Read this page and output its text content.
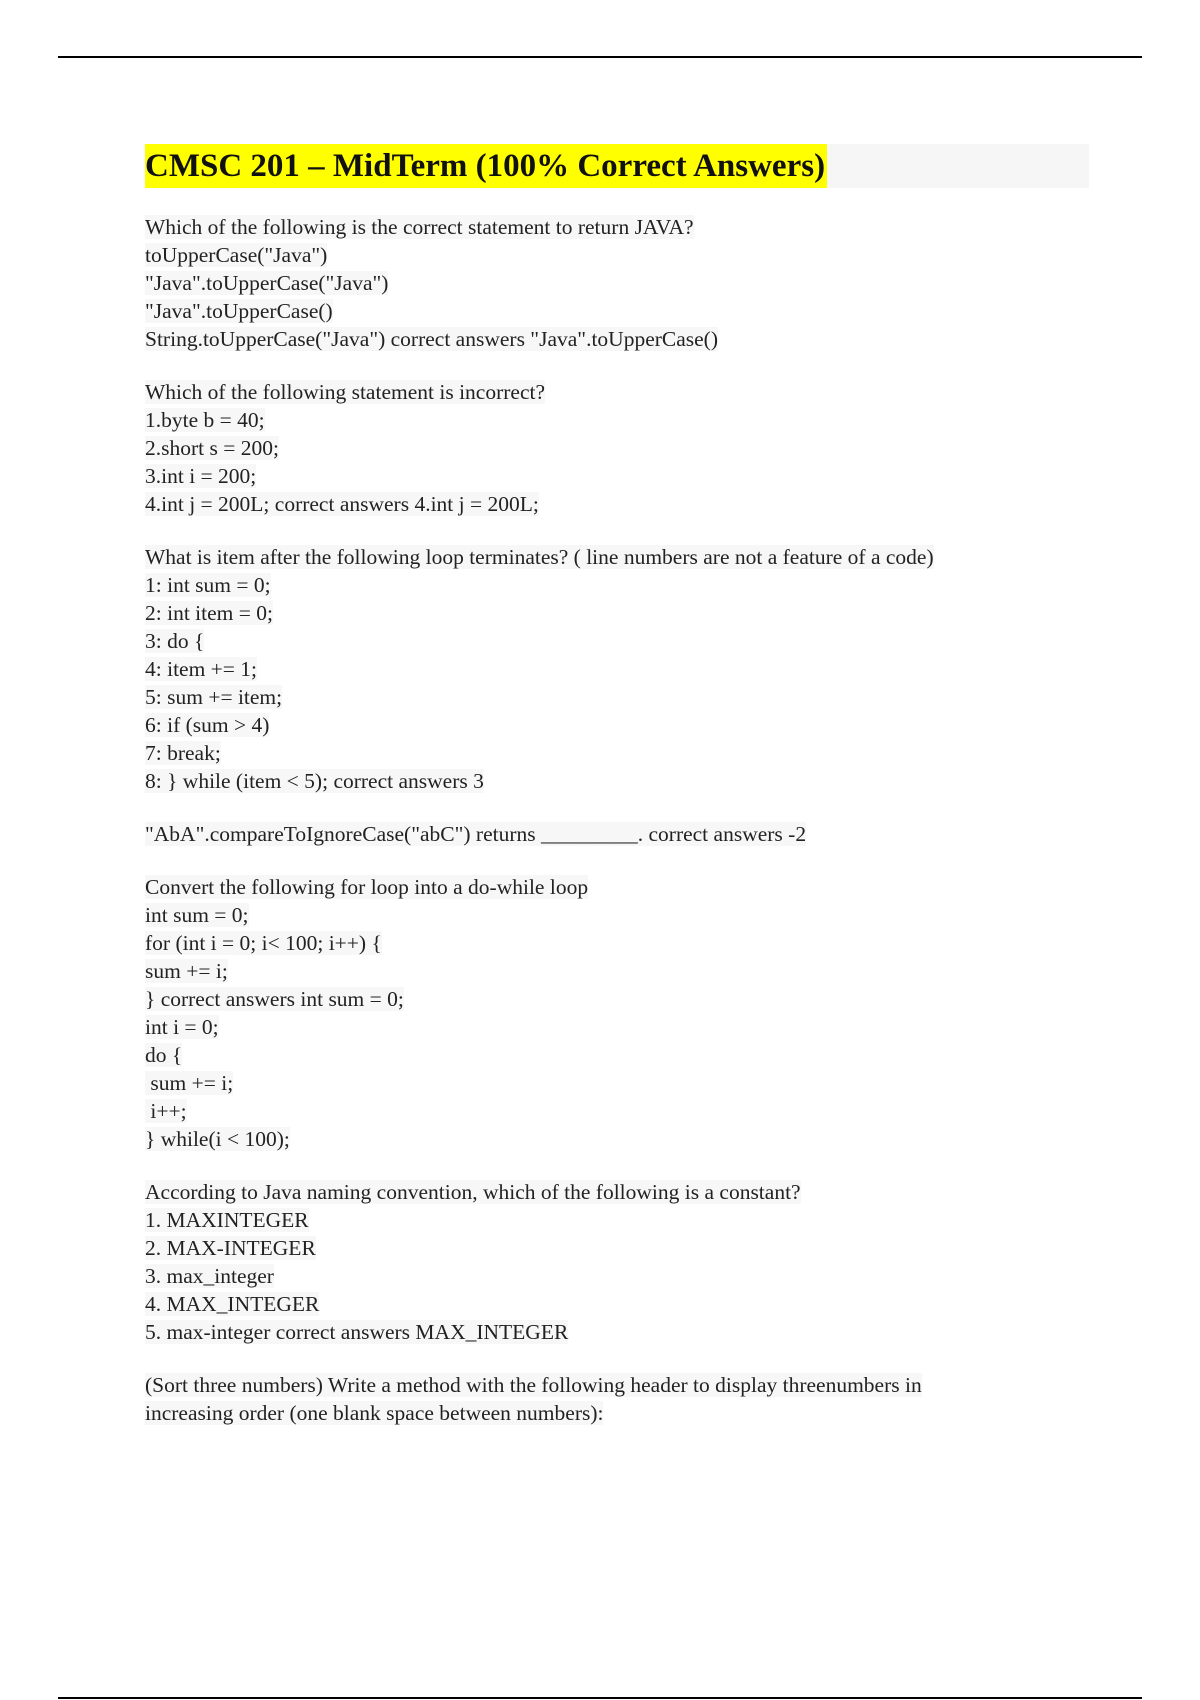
CMSC 201 – MidTerm (100% Correct Answers)
Which of the following is the correct statement to return JAVA?
toUpperCase("Java")
"Java".toUpperCase("Java")
"Java".toUpperCase()
String.toUpperCase("Java") correct answers "Java".toUpperCase()
Which of the following statement is incorrect?
1.byte b = 40;
2.short s = 200;
3.int i = 200;
4.int j = 200L; correct answers 4.int j = 200L;
What is item after the following loop terminates? ( line numbers are not a feature of a code)
1: int sum = 0;
2: int item = 0;
3: do {
4: item += 1;
5: sum += item;
6: if (sum > 4)
7: break;
8: } while (item < 5); correct answers 3
"AbA".compareToIgnoreCase("abC") returns _________. correct answers -2
Convert the following for loop into a do-while loop
int sum = 0;
for (int i = 0; i< 100; i++) {
sum += i;
} correct answers int sum = 0;
int i = 0;
do {
sum += i;
i++;
} while(i < 100);
According to Java naming convention, which of the following is a constant?
1. MAXINTEGER
2. MAX-INTEGER
3. max_integer
4. MAX_INTEGER
5. max-integer correct answers MAX_INTEGER
(Sort three numbers) Write a method with the following header to display threenumbers in
increasing order (one blank space between numbers):
